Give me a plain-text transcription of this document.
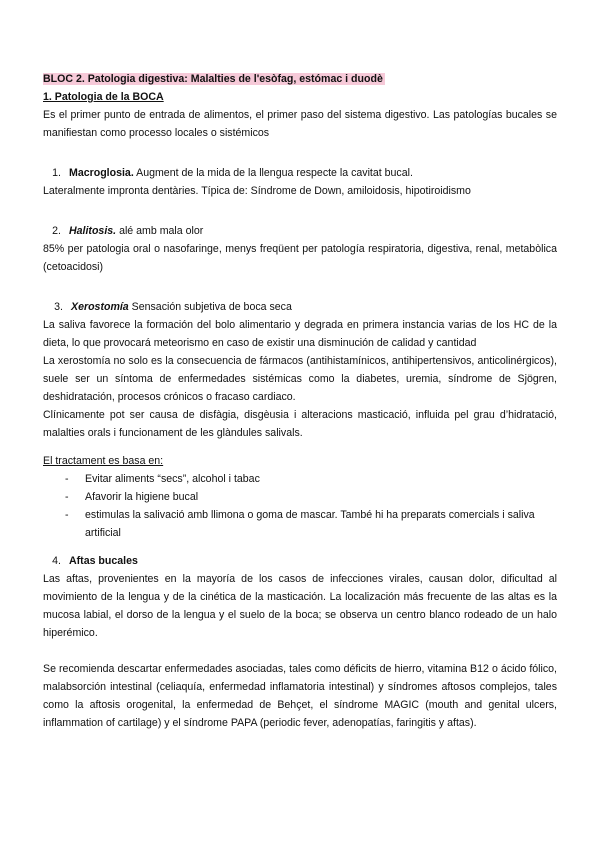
BLOC 2. Patologia digestiva: Malalties de l'esòfag, estómac i duodè
1. Patologia de la BOCA

Es el primer punto de entrada de alimentos, el primer paso del sistema digestivo. Las patologías bucales se manifiestan como processo locales o sistémicos

1. Macroglosia. Augment de la mida de la llengua respecte la cavitat bucal.

Lateralmente impronta dentàries. Típica de: Síndrome de Down, amiloidosis, hipotiroidismo

2. Halitosis. alé amb mala olor

85% per patologia oral o nasofaringe, menys freqüent per patología respiratoria, digestiva, renal, metabòlica (cetoacidosi)

3. Xerostomía Sensación subjetiva de boca seca

La saliva favorece la formación del bolo alimentario y degrada en primera instancia varias de los HC de la dieta, lo que provocará meteorismo en caso de existir una disminución de calidad y cantidad

La xerostomía no solo es la consecuencia de fármacos (antihistamínicos, antihipertensivos, anticolinérgicos), suele ser un síntoma de enfermedades sistémicas como la diabetes, uremia, síndrome de Sjögren, deshidratación, procesos crónicos o fracaso cardiaco.

Clínicamente pot ser causa de disfàgia, disgèusia i alteracions masticació, influida pel grau d’hidratació, malalties orals i funcionament de les glàndules salivals.

El tractament es basa en:
-	Evitar aliments “secs”, alcohol i tabac
-	Afavorir la higiene bucal
-	estimulas la salivació amb llimona o goma de mascar. També hi ha preparats comercials i saliva artificial
4. Aftas bucales

Las aftas, provenientes en la mayoría de los casos de infecciones virales, causan dolor, dificultad al movimiento de la lengua y de la cinética de la masticación. La localización más frecuente de las altas es la mucosa labial, el dorso de la lengua y el suelo de la boca; se observa un centro blanco rodeado de un halo hiperémico.

Se recomienda descartar enfermedades asociadas, tales como déficits de hierro, vitamina B12 o ácido fólico, malabsorción intestinal (celiaquía, enfermedad inflamatoria intestinal) y síndromes aftosos complejos, tales como la aftosis orogenital, la enfermedad de Behçet, el síndrome MAGIC (mouth and genital ulcers, inflammation of cartilage) y el síndrome PAPA (periodic fever, adenopatías, faringitis y aftas).
